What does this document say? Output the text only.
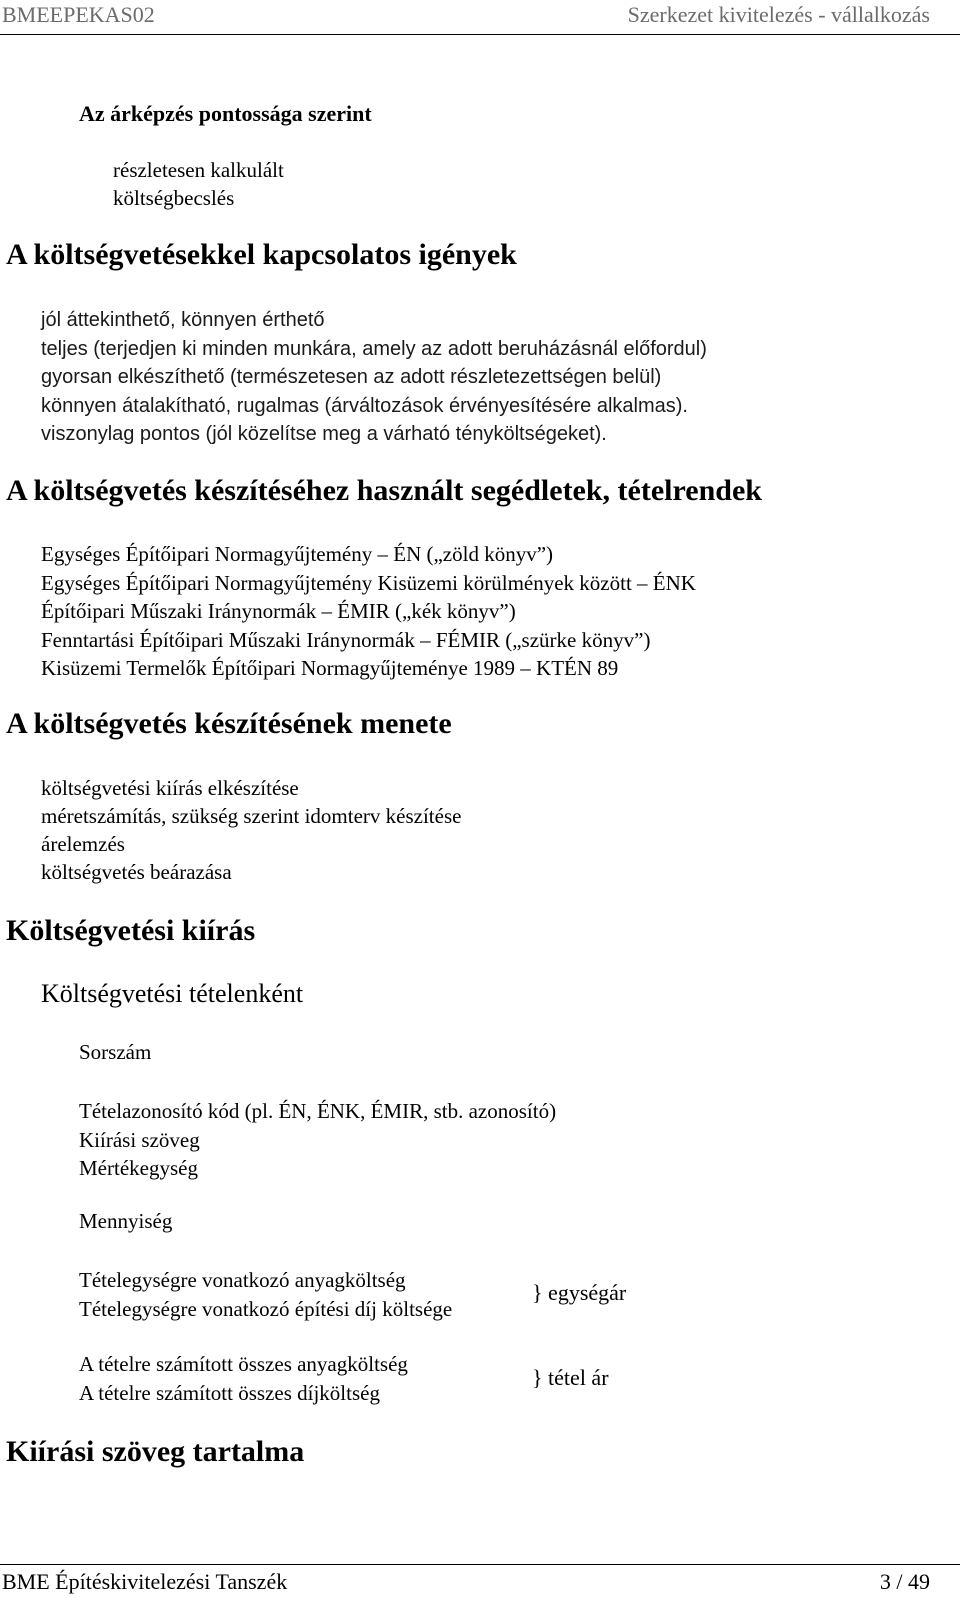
BMEEPEKAS02	Szerkezet kivitelezés - vállalkozás
Az árképzés pontossága szerint
részletesen kalkulált
költségbecslés
A költségvetésekkel kapcsolatos igények
jól áttekinthető, könnyen érthető
teljes (terjedjen ki minden munkára, amely az adott beruházásnál előfordul)
gyorsan elkészíthető (természetesen az adott részletezettségen belül)
könnyen átalakítható, rugalmas (árváltozások érvényesítésére alkalmas).
viszonylag pontos (jól közelítse meg a várható tényköltségeket).
A költségvetés készítéséhez használt segédletek, tételrendek
Egységes Építőipari Normagyűjtemény – ÉN („zöld könyv”)
Egységes Építőipari Normagyűjtemény Kisüzemi körülmények között – ÉNK
Építőipari Műszaki Iránynormák – ÉMIR („kék könyv”)
Fenntartási Építőipari Műszaki Iránynormák – FÉMIR („szürke könyv”)
Kisüzemi Termelők Építőipari Normagyűjteménye 1989 – KTÉN 89
A költségvetés készítésének menete
költségvetési kiírás elkészítése
méretszámítás, szükség szerint idomterv készítése
árelemzés
költségvetés beárazása
Költségvetési kiírás
Költségvetési tételenként
Sorszám
Tételazonosító kód (pl. ÉN, ÉNK, ÉMIR, stb. azonosító)
Kiírási szöveg
Mértékegység
Mennyiség
Tételegységre vonatkozó anyagköltség
Tételegységre vonatkozó építési díj költsége
} egységár
A tételre számított összes anyagköltség
A tételre számított összes díjköltség
} tétel ár
Kiírási szöveg tartalma
BME Építéskivitelezési Tanszék	3 / 49
